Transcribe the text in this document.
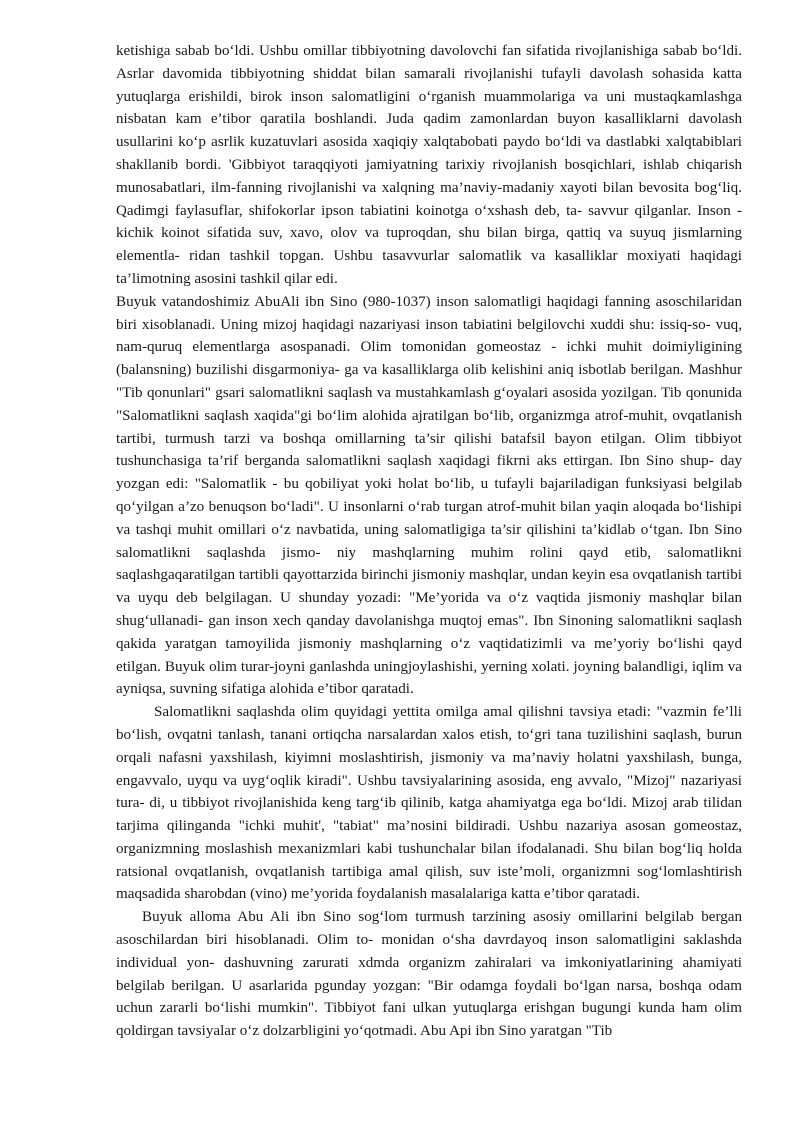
ketishiga sabab bo‘ldi. Ushbu omillar tibbiyotning davolovchi fan sifatida rivojlanishiga sabab bo‘ldi. Asrlar davomida tibbiyotning shiddat bilan samarali rivojlanishi tufayli davolash sohasida katta yutuqlarga erishildi, birok inson salomatligini o‘rganish muammolariga va uni mustaqkamlashga nisbatan kam e’tibor qaratila boshlandi. Juda qadim zamonlardan buyon kasalliklarni davolash usullarini ko‘p asrlik kuzatuvlari asosida xaqiqiy xalqtabobati paydo bo‘ldi va dastlabki xalqtabiblari shakllanib bordi. 'Gibbiyot taraqqiyoti jamiyatning tarixiy rivojlanish bosqichlari, ishlab chiqarish munosabatlari, ilm-fanning rivojlanishi va xalqning ma’naviy-madaniy xayoti bilan bevosita bog‘liq. Qadimgi faylasuflar, shifokorlar ipson tabiatini koinotga o‘xshash deb, ta- savvur qilganlar. Inson - kichik koinot sifatida suv, xavo, olov va tuproqdan, shu bilan birga, qattiq va suyuq jismlarning elementla- ridan tashkil topgan. Ushbu tasavvurlar salomatlik va kasalliklar moxiyati haqidagi ta’limotning asosini tashkil qilar edi.

Buyuk vatandoshimiz AbuAli ibn Sino (980-1037) inson salomatligi haqidagi fanning asoschilaridan biri xisoblanadi. Uning mizoj haqidagi nazariyasi inson tabiatini belgilovchi xuddi shu: issiq-so- vuq, nam-quruq elementlarga asospanadi. Olim tomonidan gomeostaz - ichki muhit doimiyligining (balansning) buzilishi disgarmoniya- ga va kasalliklarga olib kelishini aniq isbotlab berilgan. Mashhur "Tib qonunlari" gsari salomatlikni saqlash va mustahkamlash g‘oyalari asosida yozilgan. Tib qonunida "Salomatlikni saqlash xaqida"gi bo‘lim alohida ajratilgan bo‘lib, organizmga atrof-muhit, ovqatlanish tartibi, turmush tarzi va boshqa omillarning ta’sir qilishi batafsil bayon etilgan. Olim tibbiyot tushunchasiga ta’rif berganda salomatlikni saqlash xaqidagi fikrni aks ettirgan. Ibn Sino shup- day yozgan edi: "Salomatlik - bu qobiliyat yoki holat bo‘lib, u tufayli bajariladigan funksiyasi belgilab qo‘yilgan a’zo benuqson bo‘ladi". U insonlarni o‘rab turgan atrof-muhit bilan yaqin aloqada bo‘lishipi va tashqi muhit omillari o‘z navbatida, uning salomatligiga ta’sir qilishini ta’kidlab o‘tgan. Ibn Sino salomatlikni saqlashda jismo- niy mashqlarning muhim rolini qayd etib, salomatlikni saqlashgaqaratilgan tartibli qayottarzida birinchi jismoniy mashqlar, undan keyin esa ovqatlanish tartibi va uyqu deb belgilagan. U shunday yozadi: "Me’yorida va o‘z vaqtida jismoniy mashqlar bilan shug‘ullanadi- gan inson xech qanday davolanishga muqtoj emas". Ibn Sinoning salomatlikni saqlash qakida yaratgan tamoyilida jismoniy mashqlarning o‘z vaqtidatizimli va me’yoriy bo‘lishi qayd etilgan. Buyuk olim turar-joyni ganlashda uningjoylashishi, yerning xolati. joyning balandligi, iqlim va ayniqsa, suvning sifatiga alohida e’tibor qaratadi.

Salomatlikni saqlashda olim quyidagi yettita omilga amal qilishni tavsiya etadi: "vazmin fe’lli bo‘lish, ovqatni tanlash, tanani ortiqcha narsalardan xalos etish, to‘gri tana tuzilishini saqlash, burun orqali nafasni yaxshilash, kiyimni moslashtirish, jismoniy va ma’naviy holatni yaxshilash, bunga, engavvalo, uyqu va uyg‘oqlik kiradi". Ushbu tavsiyalarining asosida, eng avvalo, "Mizoj" nazariyasi tura- di, u tibbiyot rivojlanishida keng targ‘ib qilinib, katga ahamiyatga ega bo‘ldi. Mizoj arab tilidan tarjima qilinganda "ichki muhit', "tabiat" ma’nosini bildiradi. Ushbu nazariya asosan gomeostaz, organizmning moslashish mexanizmlari kabi tushunchalar bilan ifodalanadi. Shu bilan bog‘liq holda ratsional ovqatlanish, ovqatlanish tartibiga amal qilish, suv iste’moli, organizmni sog‘lomlashtirish maqsadida sharobdan (vino) me’yorida foydalanish masalalariga katta e’tibor qaratadi.

Buyuk alloma Abu Ali ibn Sino sog‘lom turmush tarzining asosiy omillarini belgilab bergan asoschilardan biri hisoblanadi. Olim to- monidan o‘sha davrdayoq inson salomatligini saklashda individual yon- dashuvning zarurati xdmda organizm zahiralari va imkoniyatlarining ahamiyati belgilab berilgan. U asarlarida pgunday yozgan: "Bir odamga foydali bo‘lgan narsa, boshqa odam uchun zararli bo‘lishi mumkin". Tibbiyot fani ulkan yutuqlarga erishgan bugungi kunda ham olim qoldirgan tavsiyalar o‘z dolzarbligini yo‘qotmadi. Abu Api ibn Sino yaratgan "Tib
